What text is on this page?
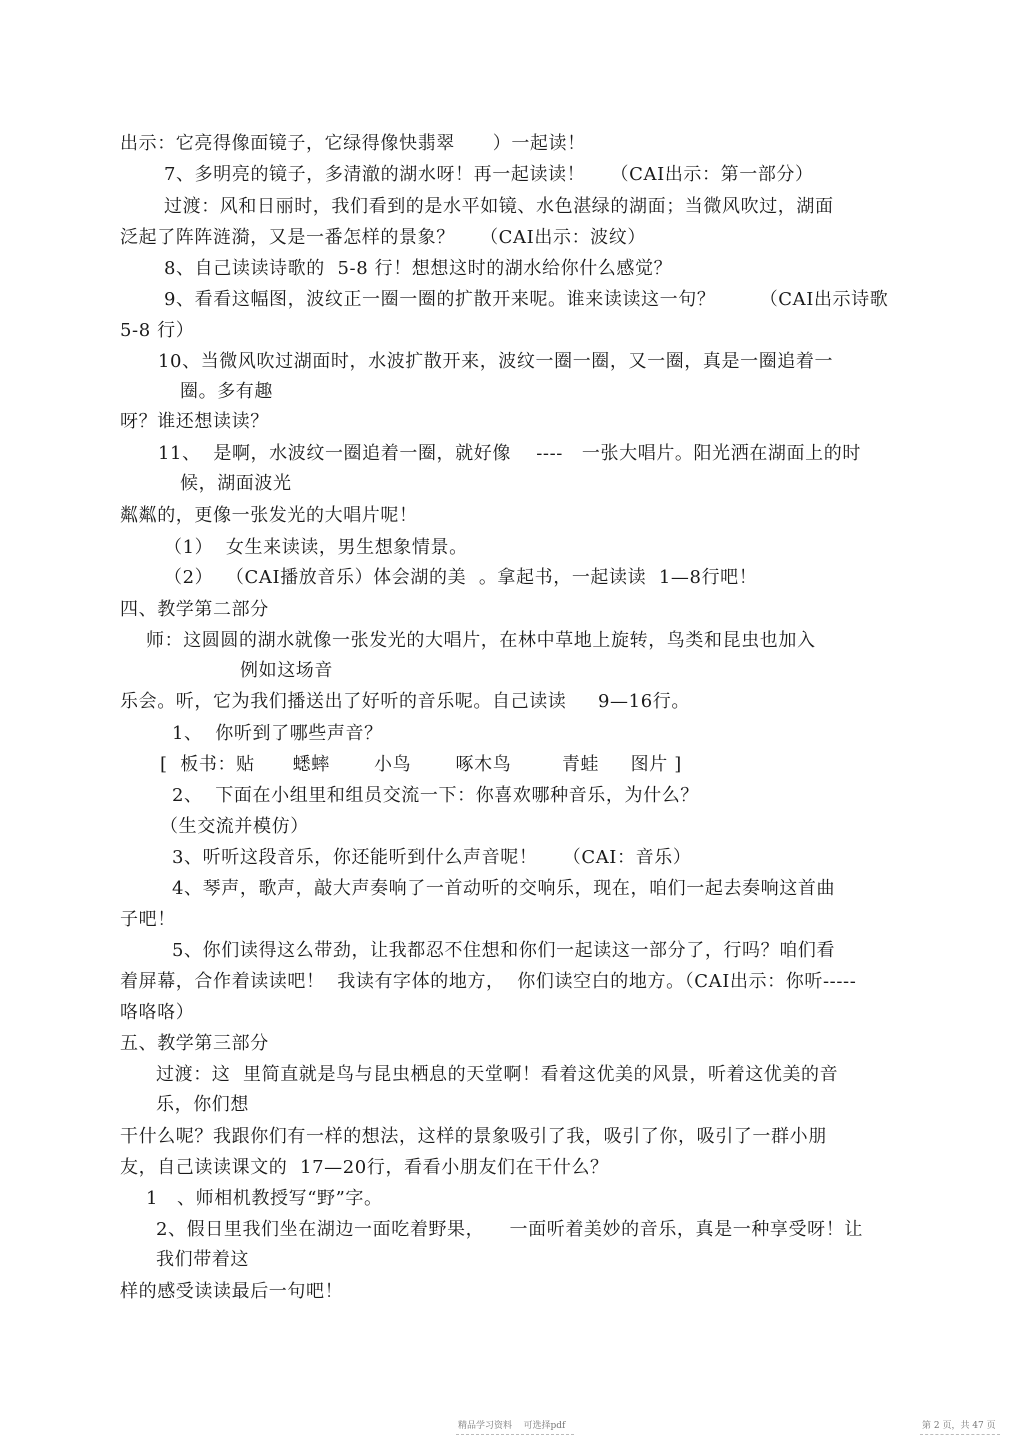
出示：它亮得像面镜子，它绿得像快翡翠      ）一起读！
7、多明亮的镜子，多清澈的湖水呀！再一起读读！    （CAI出示：第一部分）
过渡：风和日丽时，我们看到的是水平如镜、水色湛绿的湖面；当微风吹过，湖面
泛起了阵阵涟漪，又是一番怎样的景象？    （CAI出示：波纹）
8、自己读读诗歌的  5-8 行！想想这时的湖水给你什么感觉？
9、看看这幅图，波纹正一圈一圈的扩散开来呢。谁来读读这一句？       （CAI出示诗歌
5-8 行）
10、当微风吹过湖面时，水波扩散开来，波纹一圈一圈，又一圈，真是一圈追着一
圈。多有趣
呀？谁还想读读？
11、  是啊，水波纹一圈追着一圈，就好像    ----   一张大唱片。阳光洒在湖面上的时
候，湖面波光
粼粼的，更像一张发光的大唱片呢！
（1）  女生来读读，男生想象情景。
（2）  （CAI播放音乐）体会湖的美  。拿起书，一起读读  1—8行吧！
四、教学第二部分
师：这圆圆的湖水就像一张发光的大唱片，在林中草地上旋转，鸟类和昆虫也加入
例如这场音
乐会。听，它为我们播送出了好听的音乐呢。自己读读     9—16行。
1、  你听到了哪些声音？
[  板书：贴      蟋蟀       小鸟       啄木鸟        青蛙     图片 ]
2、  下面在小组里和组员交流一下：你喜欢哪种音乐，为什么？
（生交流并模仿）
3、听听这段音乐，你还能听到什么声音呢！    （CAI：音乐）
4、琴声，歌声，敲大声奏响了一首动听的交响乐，现在，咱们一起去奏响这首曲
子吧！
5、你们读得这么带劲，让我都忍不住想和你们一起读这一部分了，行吗？咱们看
着屏幕，合作着读读吧！  我读有字体的地方，  你们读空白的地方。（CAI出示：你听-----
咯咯咯）
五、教学第三部分
过渡：这  里简直就是鸟与昆虫栖息的天堂啊！看着这优美的风景，听着这优美的音
乐，你们想
干什么呢？我跟你们有一样的想法，这样的景象吸引了我，吸引了你，吸引了一群小朋
友，自己读读课文的  17—20行，看看小朋友们在干什么？
1   、师相机教授写“野”字。
2、假日里我们坐在湖边一面吃着野果，    一面听着美妙的音乐，真是一种享受呀！让
我们带着这
样的感受读读最后一句吧！
精品学习资料    可选择pdf	第 2 页，共 47 页
